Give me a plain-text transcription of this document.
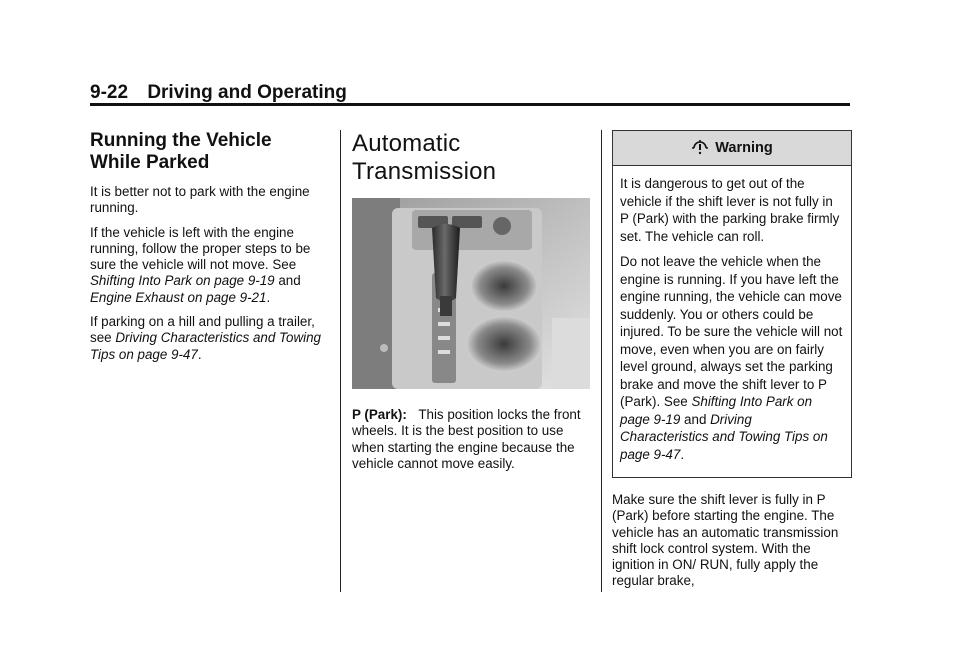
9-22 Driving and Operating
Running the Vehicle
While Parked

It is better not to park with the engine running.

If the vehicle is left with the engine running, follow the proper steps to be sure the vehicle will not move. See Shifting Into Park on page 9-19 and Engine Exhaust on page 9-21.

If parking on a hill and pulling a trailer, see Driving Characteristics and Towing Tips on page 9-47.

Automatic
Transmission

P (Park): This position locks the front wheels. It is the best position to use when starting the engine because the vehicle cannot move easily.

Warning

It is dangerous to get out of the vehicle if the shift lever is not fully in P (Park) with the parking brake firmly set. The vehicle can roll.

Do not leave the vehicle when the engine is running. If you have left the engine running, the vehicle can move suddenly. You or others could be injured. To be sure the vehicle will not move, even when you are on fairly level ground, always set the parking brake and move the shift lever to P (Park). See Shifting Into Park on page 9-19 and Driving Characteristics and Towing Tips on page 9-47.

Make sure the shift lever is fully in P (Park) before starting the engine. The vehicle has an automatic transmission shift lock control system. With the ignition in ON/ RUN, fully apply the regular brake,
